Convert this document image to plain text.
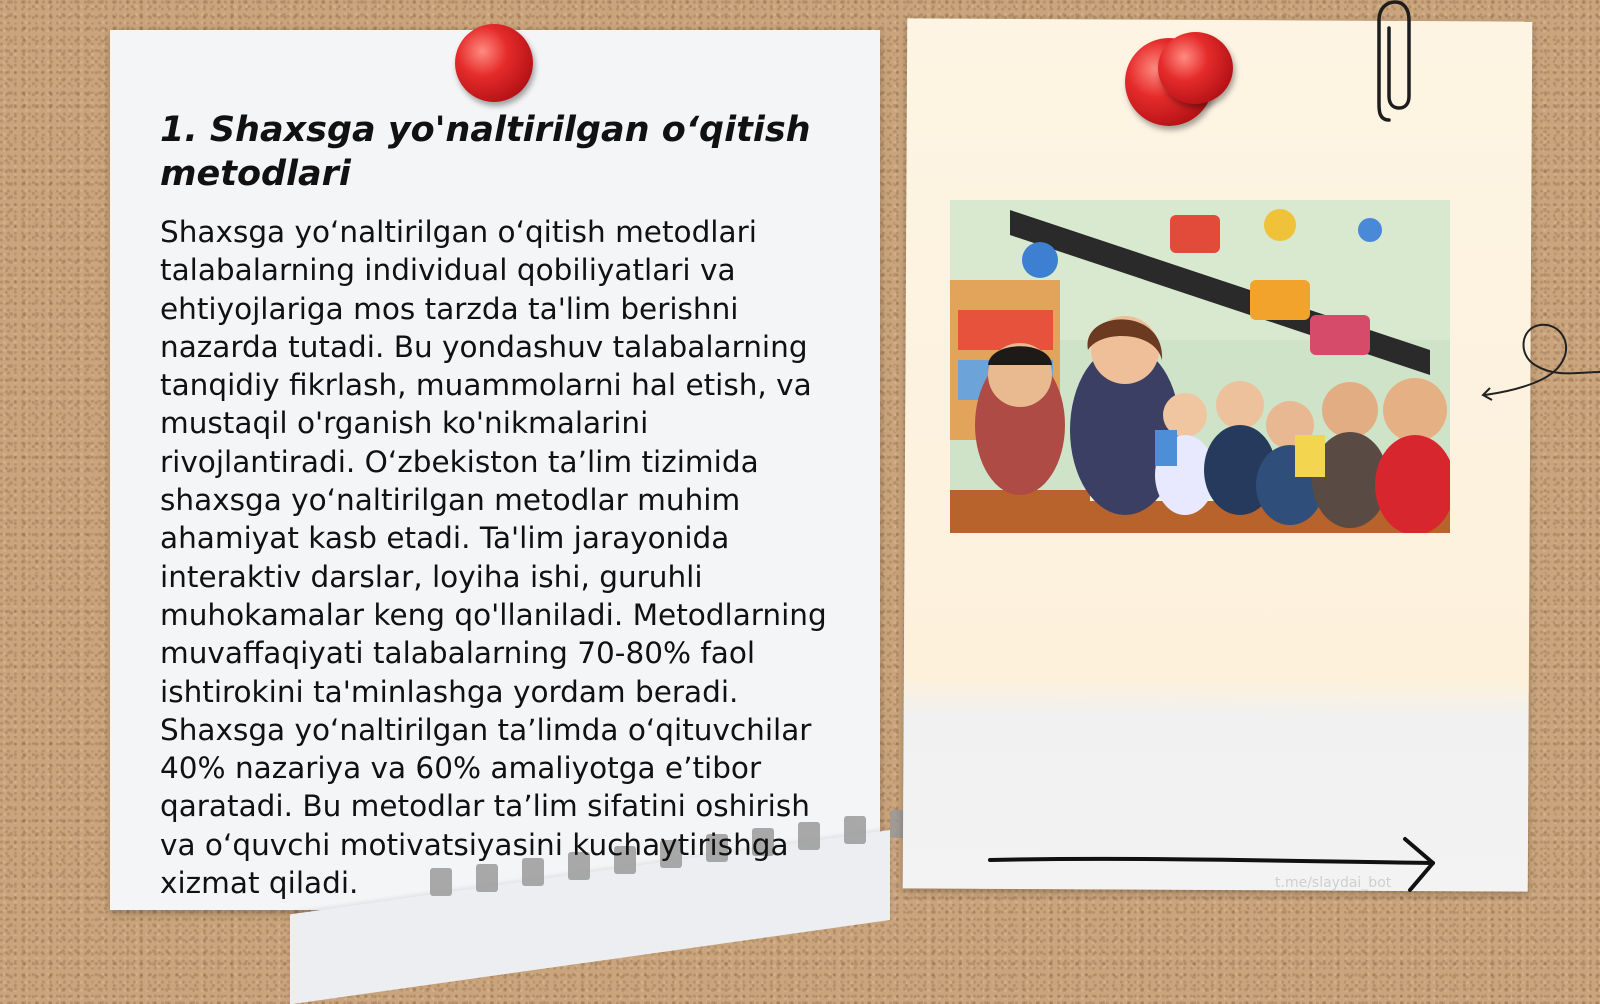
1. Shaxsga yo'naltirilgan o‘qitish metodlari

Shaxsga yo‘naltirilgan o‘qitish metodlari talabalarning individual qobiliyatlari va ehtiyojlariga mos tarzda ta'lim berishni nazarda tutadi. Bu yondashuv talabalarning tanqidiy fikrlash, muammolarni hal etish, va mustaqil o'rganish ko'nikmalarini rivojlantiradi. O‘zbekiston ta’lim tizimida shaxsga yo‘naltirilgan metodlar muhim ahamiyat kasb etadi. Ta'lim jarayonida interaktiv darslar, loyiha ishi, guruhli muhokamalar keng qo'llaniladi. Metodlarning muvaffaqiyati talabalarning 70-80% faol ishtirokini ta'minlashga yordam beradi. Shaxsga yo‘naltirilgan ta’limda o‘qituvchilar 40% nazariya va 60% amaliyotga e’tibor qaratadi. Bu metodlar ta’lim sifatini oshirish va o‘quvchi motivatsiyasini kuchaytirishga xizmat qiladi.	t.me/slaydai_bot
